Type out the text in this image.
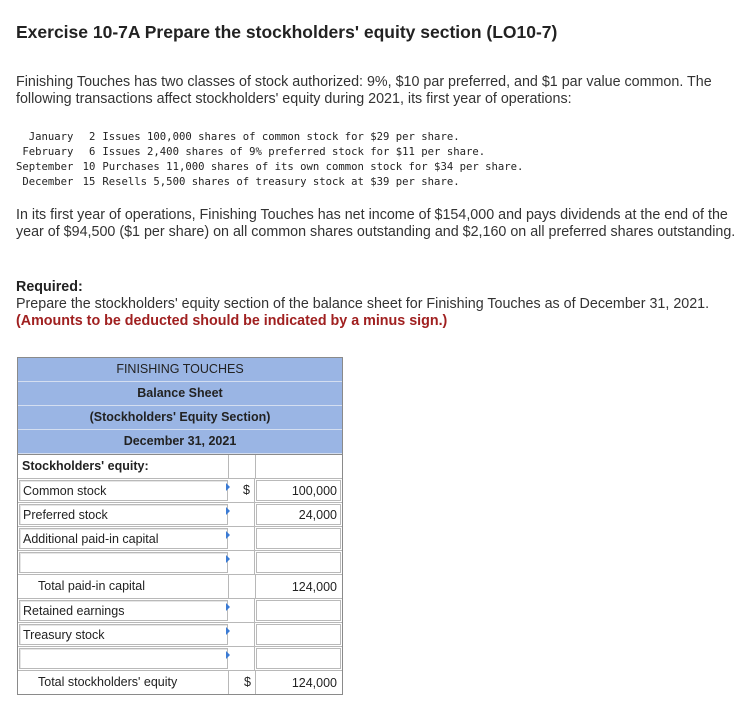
Exercise 10-7A Prepare the stockholders' equity section (LO10-7)

Finishing Touches has two classes of stock authorized: 9%, $10 par preferred, and $1 par value common. The following transactions affect stockholders' equity during 2021, its first year of operations:

January	2	Issues 100,000 shares of common stock for $29 per share.
February	6	Issues 2,400 shares of 9% preferred stock for $11 per share.
September	10	Purchases 11,000 shares of its own common stock for $34 per share.
December	15	Resells 5,500 shares of treasury stock at $39 per share.

In its first year of operations, Finishing Touches has net income of $154,000 and pays dividends at the end of the year of $94,500 ($1 per share) on all common shares outstanding and $2,160 on all preferred shares outstanding.

Required:

Prepare the stockholders' equity section of the balance sheet for Finishing Touches as of December 31, 2021. (Amounts to be deducted should be indicated by a minus sign.)

FINISHING TOUCHES
Balance Sheet
(Stockholders' Equity Section)
December 31, 2021
Stockholders' equity:
Common stock	$	100,000
Preferred stock	24,000
Additional paid-in capital
Total paid-in capital	124,000
Retained earnings
Treasury stock
Total stockholders' equity	$	124,000
